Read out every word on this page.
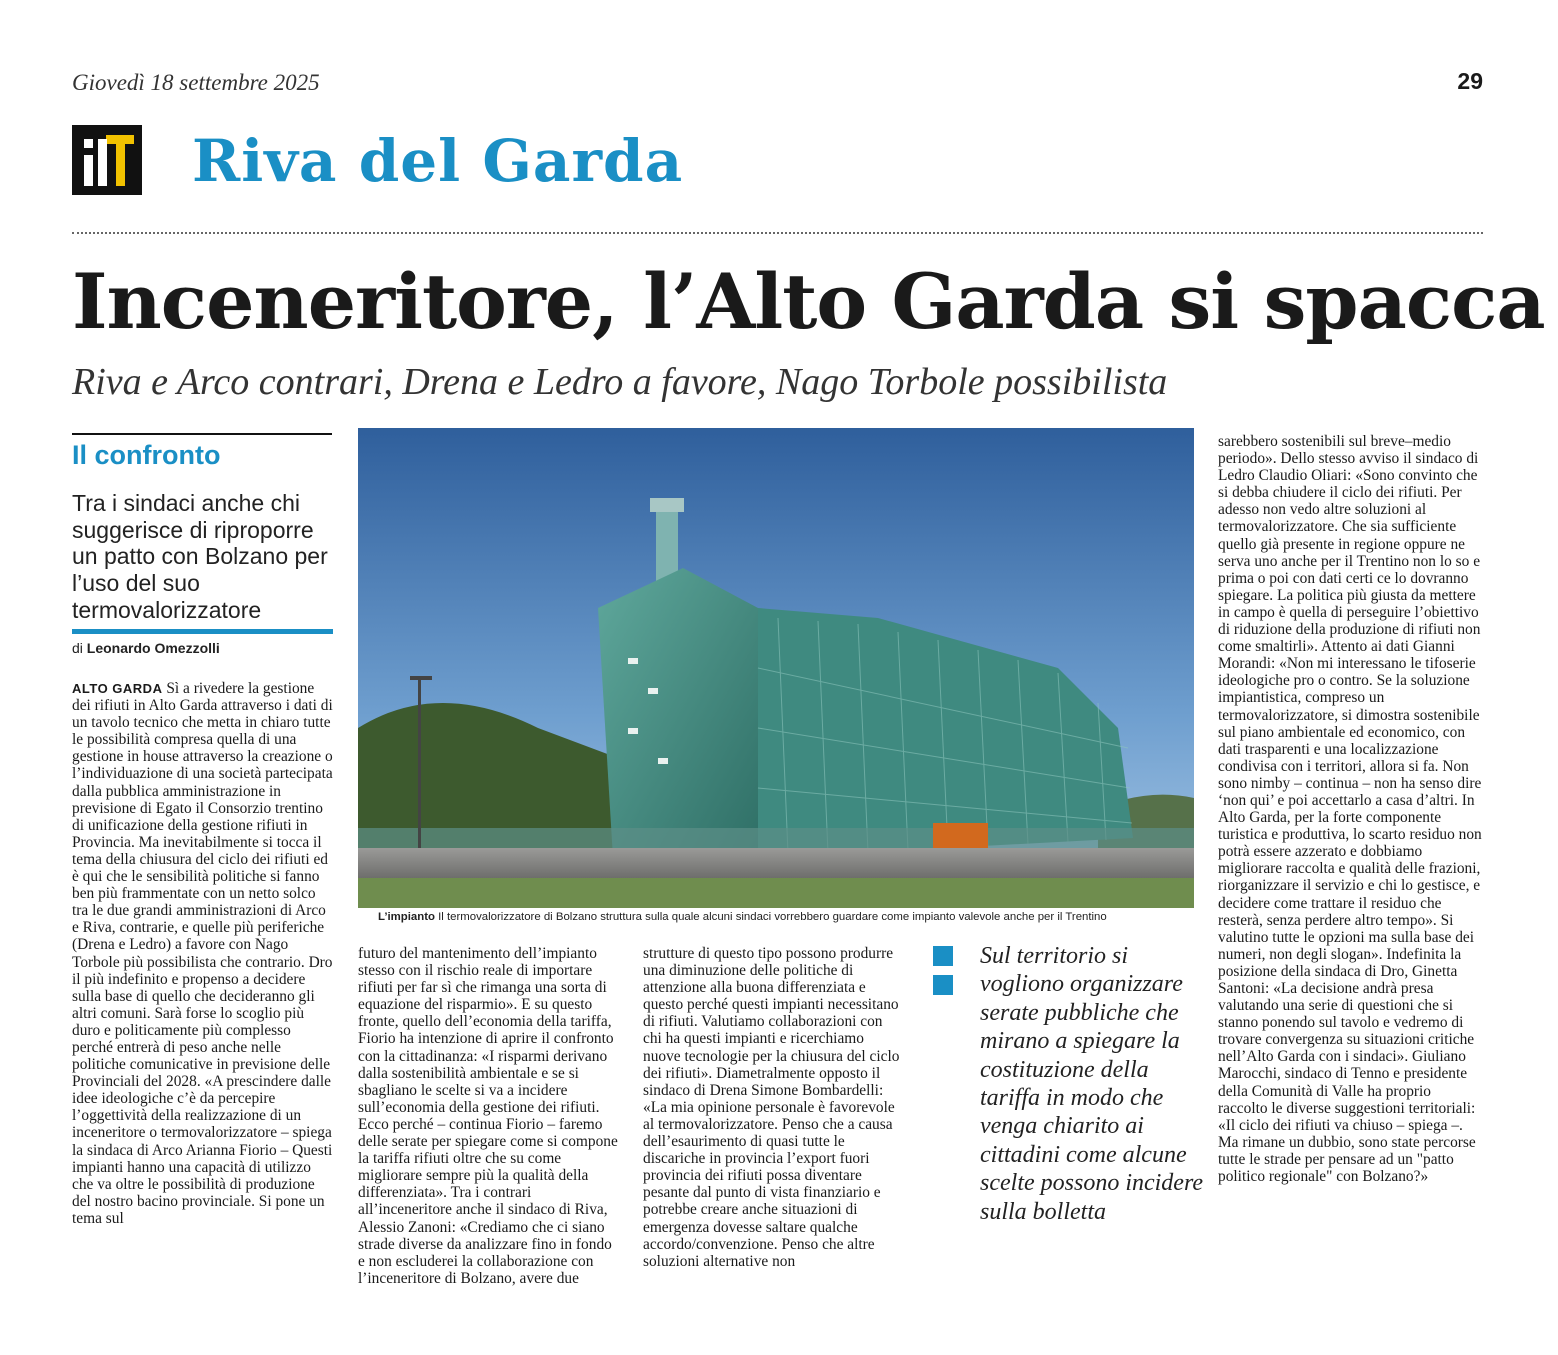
Giovedì 18 settembre 2025	29
Riva del Garda
Inceneritore, l’Alto Garda si spacca
Riva e Arco contrari, Drena e Ledro a favore, Nago Torbole possibilista
Il confronto
Tra i sindaci anche chi suggerisce di riproporre un patto con Bolzano per l’uso del suo termovalorizzatore
di Leonardo Omezzolli
ALTO GARDA Sì a rivedere la gestione dei rifiuti in Alto Garda attraverso i dati di un tavolo tecnico che metta in chiaro tutte le possibilità compresa quella di una gestione in house attraverso la creazione o l’individuazione di una società partecipata dalla pubblica amministrazione in previsione di Egato il Consorzio trentino di unificazione della gestione rifiuti in Provincia. Ma inevitabilmente si tocca il tema della chiusura del ciclo dei rifiuti ed è qui che le sensibilità politiche si fanno ben più frammentate con un netto solco tra le due grandi amministrazioni di Arco e Riva, contrarie, e quelle più periferiche (Drena e Ledro) a favore con Nago Torbole più possibilista che contrario. Dro il più indefinito e propenso a decidere sulla base di quello che decideranno gli altri comuni. Sarà forse lo scoglio più duro e politicamente più complesso perché entrerà di peso anche nelle politiche comunicative in previsione delle Provinciali del 2028. «A prescindere dalle idee ideologiche c’è da percepire l’oggettività della realizzazione di un inceneritore o termovalorizzatore – spiega la sindaca di Arco Arianna Fiorio – Questi impianti hanno una capacità di utilizzo che va oltre le possibilità di produzione del nostro bacino provinciale. Si pone un tema sul
L’impianto Il termovalorizzatore di Bolzano struttura sulla quale alcuni sindaci vorrebbero guardare come impianto valevole anche per il Trentino
futuro del mantenimento dell’impianto stesso con il rischio reale di importare rifiuti per far sì che rimanga una sorta di equazione del risparmio». E su questo fronte, quello dell’economia della tariffa, Fiorio ha intenzione di aprire il confronto con la cittadinanza: «I risparmi derivano dalla sostenibilità ambientale e se si sbagliano le scelte si va a incidere sull’economia della gestione dei rifiuti. Ecco perché – continua Fiorio – faremo delle serate per spiegare come si compone la tariffa rifiuti oltre che su come migliorare sempre più la qualità della differenziata». Tra i contrari all’inceneritore anche il sindaco di Riva, Alessio Zanoni: «Crediamo che ci siano strade diverse da analizzare fino in fondo e non escluderei la collaborazione con l’inceneritore di Bolzano, avere due
strutture di questo tipo possono produrre una diminuzione delle politiche di attenzione alla buona differenziata e questo perché questi impianti necessitano di rifiuti. Valutiamo collaborazioni con chi ha questi impianti e ricerchiamo nuove tecnologie per la chiusura del ciclo dei rifiuti». Diametralmente opposto il sindaco di Drena Simone Bombardelli: «La mia opinione personale è favorevole al termovalorizzatore. Penso che a causa dell’esaurimento di quasi tutte le discariche in provincia l’export fuori provincia dei rifiuti possa diventare pesante dal punto di vista finanziario e potrebbe creare anche situazioni di emergenza dovesse saltare qualche accordo/convenzione. Penso che altre soluzioni alternative non
Sul territorio si vogliono organizzare serate pubbliche che mirano a spiegare la costituzione della tariffa in modo che venga chiarito ai cittadini come alcune scelte possono incidere sulla bolletta
sarebbero sostenibili sul breve–medio periodo». Dello stesso avviso il sindaco di Ledro Claudio Oliari: «Sono convinto che si debba chiudere il ciclo dei rifiuti. Per adesso non vedo altre soluzioni al termovalorizzatore. Che sia sufficiente quello già presente in regione oppure ne serva uno anche per il Trentino non lo so e prima o poi con dati certi ce lo dovranno spiegare. La politica più giusta da mettere in campo è quella di perseguire l’obiettivo di riduzione della produzione di rifiuti non come smaltirli». Attento ai dati Gianni Morandi: «Non mi interessano le tifoserie ideologiche pro o contro. Se la soluzione impiantistica, compreso un termovalorizzatore, si dimostra sostenibile sul piano ambientale ed economico, con dati trasparenti e una localizzazione condivisa con i territori, allora si fa. Non sono nimby – continua – non ha senso dire ‘non qui’ e poi accettarlo a casa d’altri. In Alto Garda, per la forte componente turistica e produttiva, lo scarto residuo non potrà essere azzerato e dobbiamo migliorare raccolta e qualità delle frazioni, riorganizzare il servizio e chi lo gestisce, e decidere come trattare il residuo che resterà, senza perdere altro tempo». Si valutino tutte le opzioni ma sulla base dei numeri, non degli slogan». Indefinita la posizione della sindaca di Dro, Ginetta Santoni: «La decisione andrà presa valutando una serie di questioni che si stanno ponendo sul tavolo e vedremo di trovare convergenza su situazioni critiche nell’Alto Garda con i sindaci». Giuliano Marocchi, sindaco di Tenno e presidente della Comunità di Valle ha proprio raccolto le diverse suggestioni territoriali: «Il ciclo dei rifiuti va chiuso – spiega –. Ma rimane un dubbio, sono state percorse tutte le strade per pensare ad un "patto politico regionale" con Bolzano?»
